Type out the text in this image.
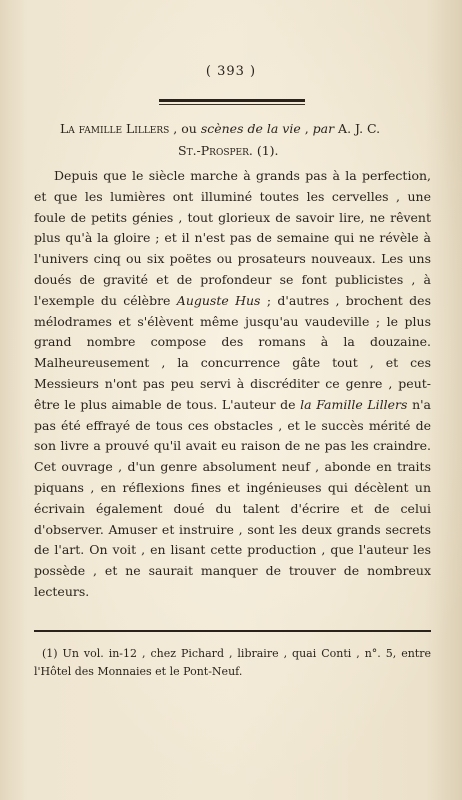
( 393 )
La famille Lillers , ou scènes de la vie , par A. J. C.
St.-Prosper. (1).

Depuis que le siècle marche à grands pas à la perfection, et que les lumières ont illuminé toutes les cervelles , une foule de petits génies , tout glorieux de savoir lire, ne rêvent plus qu'à la gloire ; et il n'est pas de semaine qui ne révèle à l'univers cinq ou six poëtes ou prosateurs nouveaux. Les uns doués de gravité et de profondeur se font publicistes , à l'exemple du célèbre Auguste Hus ; d'autres , brochent des mélodrames et s'élèvent même jusqu'au vaudeville ; le plus grand nombre compose des romans à la douzaine. Malheureusement , la concurrence gâte tout , et ces Messieurs n'ont pas peu servi à discréditer ce genre , peut-être le plus aimable de tous. L'auteur de la Famille Lillers n'a pas été effrayé de tous ces obstacles , et le succès mérité de son livre a prouvé qu'il avait eu raison de ne pas les craindre. Cet ouvrage , d'un genre absolument neuf , abonde en traits piquans , en réflexions fines et ingénieuses qui décèlent un écrivain également doué du talent d'écrire et de celui d'observer. Amuser et instruire , sont les deux grands secrets de l'art. On voit , en lisant cette production , que l'auteur les possède , et ne saurait manquer de trouver de nombreux lecteurs.

(1) Un vol. in-12 , chez Pichard , libraire , quai Conti , n°. 5, entre l'Hôtel des Monnaies et le Pont-Neuf.
